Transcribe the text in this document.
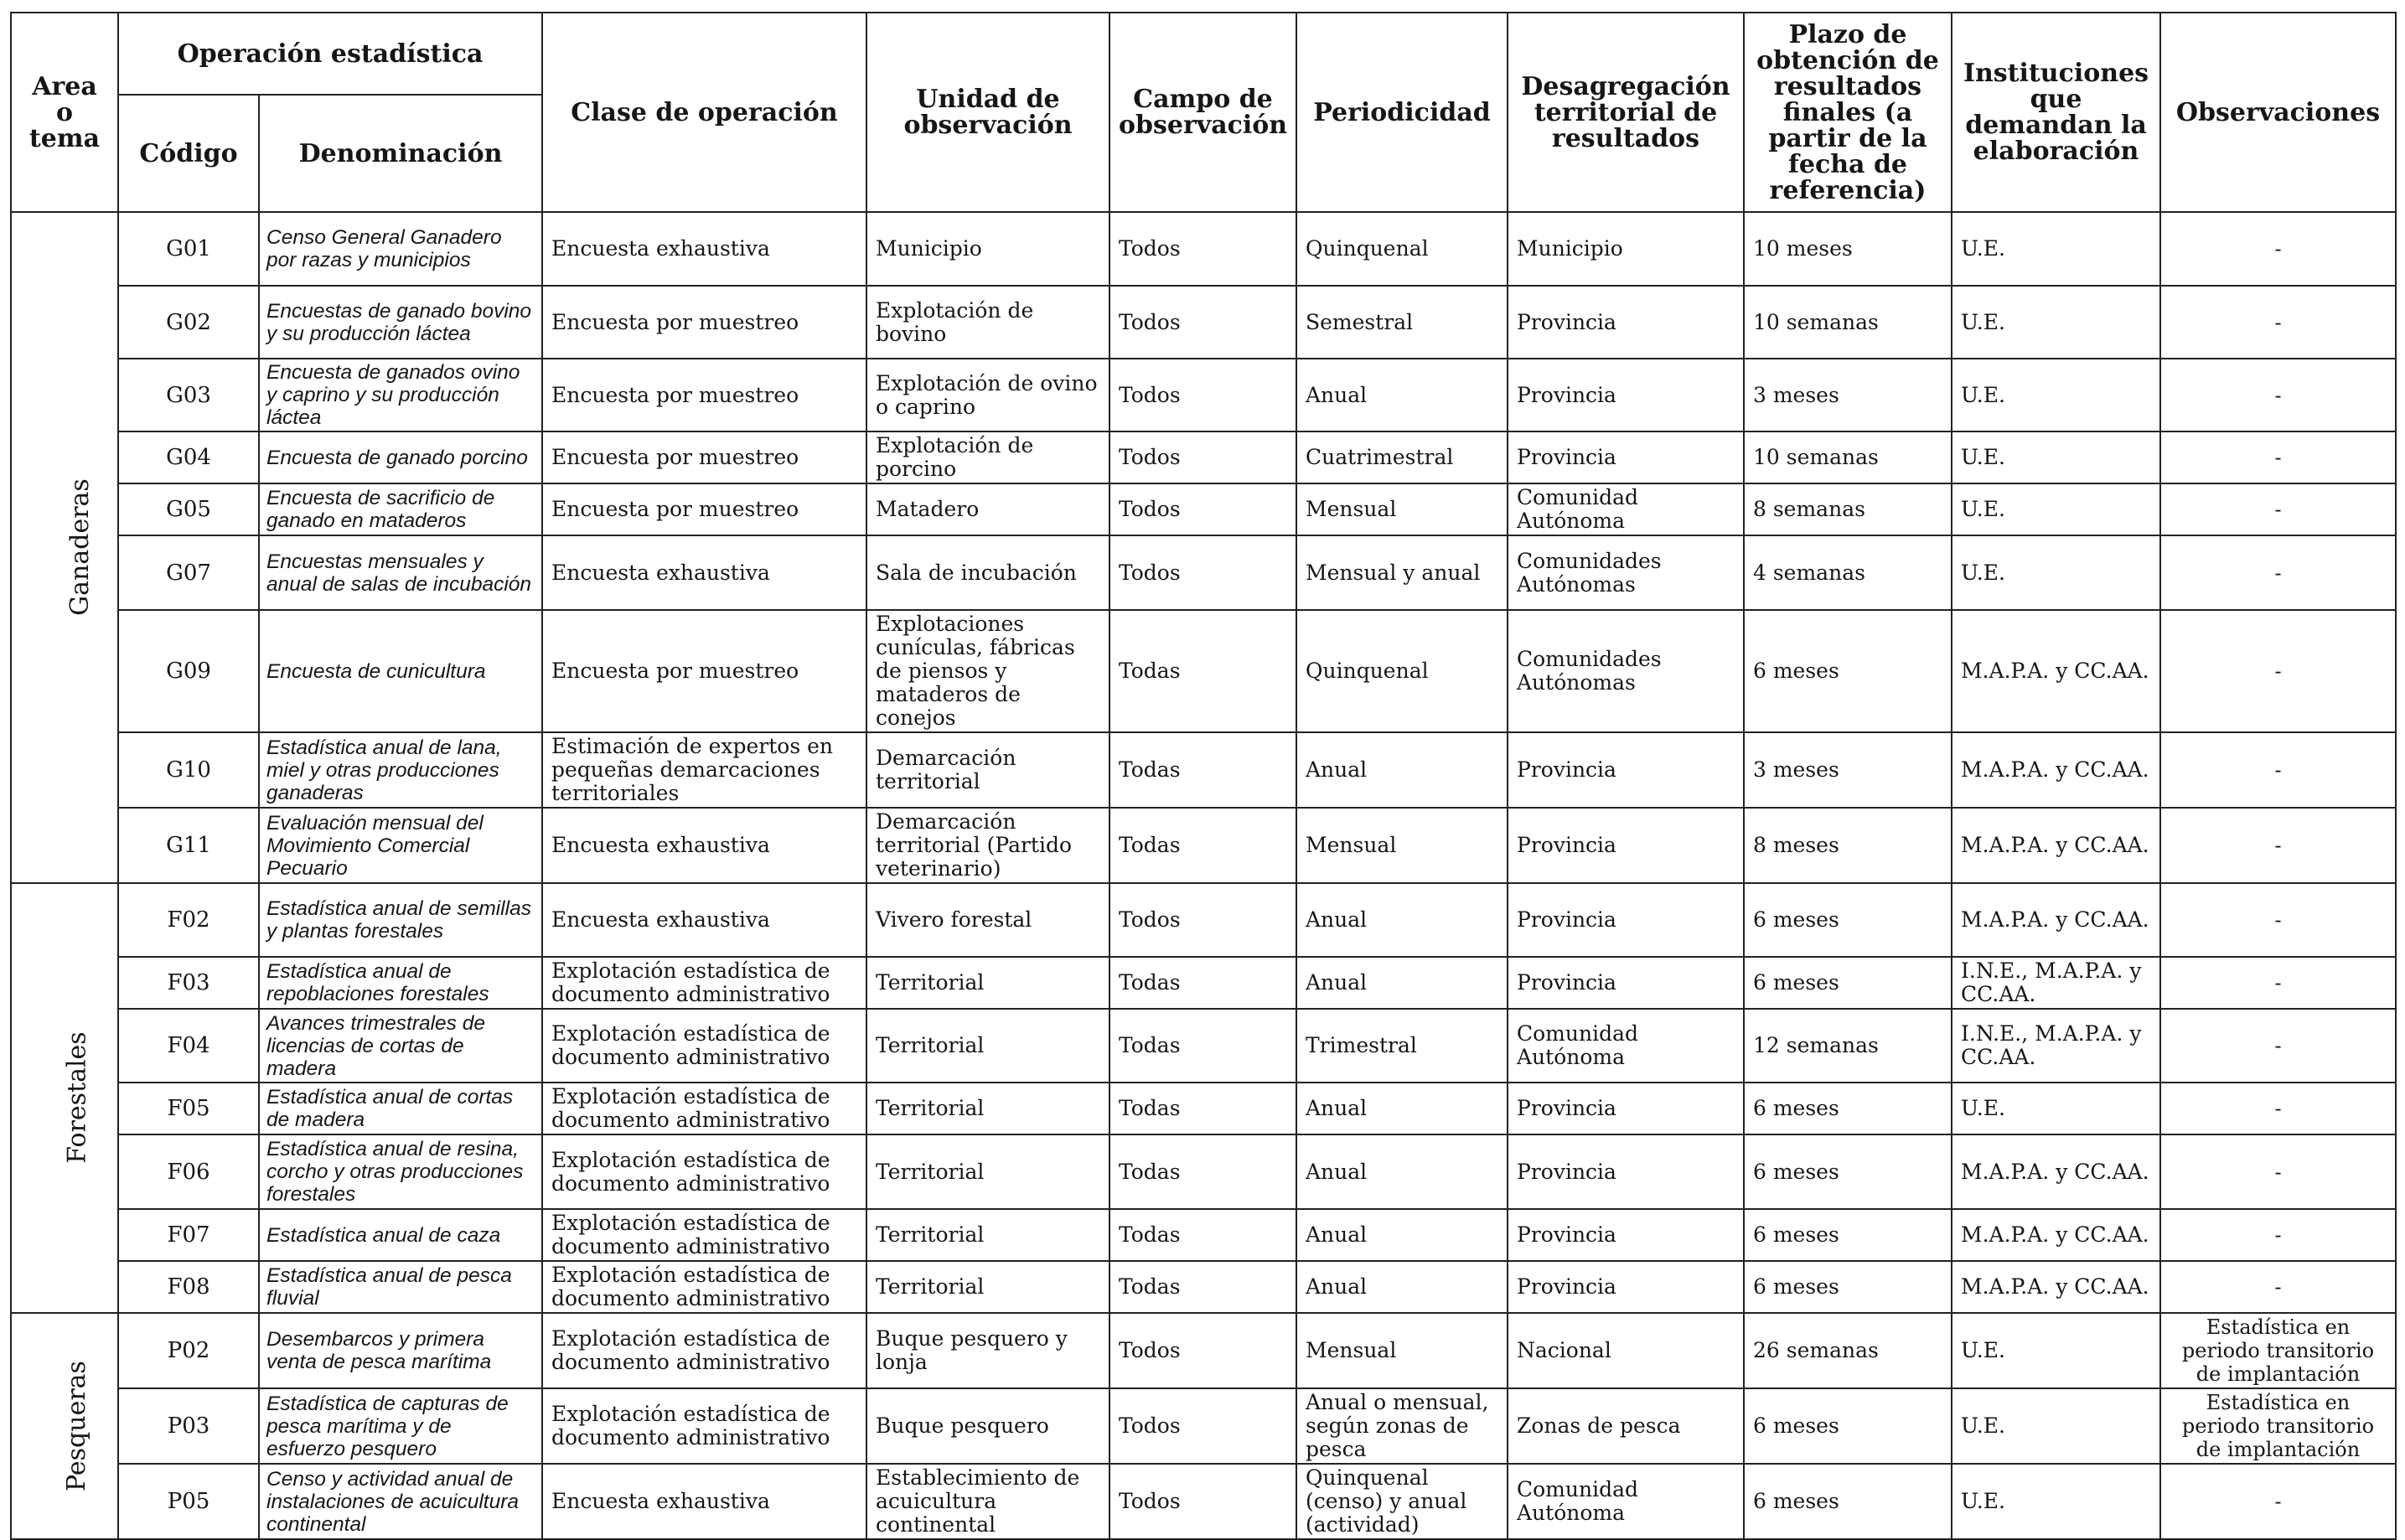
Area o tema	Operación estadística		Clase de operación	Unidad de observación	Campo de observación	Periodicidad	Desagregación territorial de resultados	Plazo de obtención de resultados finales (a partir de la fecha de referencia)	Instituciones que demandan la elaboración	Observaciones
	Código	Denominación								
Ganaderas	G01	Censo General Ganadero por razas y municipios	Encuesta exhaustiva	Municipio	Todos	Quinquenal	Municipio	10 meses	U.E.	-
	G02	Encuestas de ganado bovino y su producción láctea	Encuesta por muestreo	Explotación de bovino	Todos	Semestral	Provincia	10 semanas	U.E.	-
	G03	Encuesta de ganados ovino y caprino y su producción láctea	Encuesta por muestreo	Explotación de ovino o caprino	Todos	Anual	Provincia	3 meses	U.E.	-
	G04	Encuesta de ganado porcino	Encuesta por muestreo	Explotación de porcino	Todos	Cuatrimestral	Provincia	10 semanas	U.E.	-
	G05	Encuesta de sacrificio de ganado en mataderos	Encuesta por muestreo	Matadero	Todos	Mensual	Comunidad Autónoma	8 semanas	U.E.	-
	G07	Encuestas mensuales y anual de salas de incubación	Encuesta exhaustiva	Sala de incubación	Todos	Mensual y anual	Comunidades Autónomas	4 semanas	U.E.	-
	G09	Encuesta de cunicultura	Encuesta por muestreo	Explotaciones cunículas, fábricas de piensos y mataderos de conejos	Todas	Quinquenal	Comunidades Autónomas	6 meses	M.A.P.A. y CC.AA.	-
	G10	Estadística anual de lana, miel y otras producciones ganaderas	Estimación de expertos en pequeñas demarcaciones territoriales	Demarcación territorial	Todas	Anual	Provincia	3 meses	M.A.P.A. y CC.AA.	-
	G11	Evaluación mensual del Movimiento Comercial Pecuario	Encuesta exhaustiva	Demarcación territorial (Partido veterinario)	Todas	Mensual	Provincia	8 meses	M.A.P.A. y CC.AA.	-
Forestales	F02	Estadística anual de semillas y plantas forestales	Encuesta exhaustiva	Vivero forestal	Todos	Anual	Provincia	6 meses	M.A.P.A. y CC.AA.	-
	F03	Estadística anual de repoblaciones forestales	Explotación estadística de documento administrativo	Territorial	Todas	Anual	Provincia	6 meses	I.N.E., M.A.P.A. y CC.AA.	-
	F04	Avances trimestrales de licencias de cortas de madera	Explotación estadística de documento administrativo	Territorial	Todas	Trimestral	Comunidad Autónoma	12 semanas	I.N.E., M.A.P.A. y CC.AA.	-
	F05	Estadística anual de cortas de madera	Explotación estadística de documento administrativo	Territorial	Todas	Anual	Provincia	6 meses	U.E.	-
	F06	Estadística anual de resina, corcho y otras producciones forestales	Explotación estadística de documento administrativo	Territorial	Todas	Anual	Provincia	6 meses	M.A.P.A. y CC.AA.	-
	F07	Estadística anual de caza	Explotación estadística de documento administrativo	Territorial	Todas	Anual	Provincia	6 meses	M.A.P.A. y CC.AA.	-
	F08	Estadística anual de pesca fluvial	Explotación estadística de documento administrativo	Territorial	Todas	Anual	Provincia	6 meses	M.A.P.A. y CC.AA.	-
Pesqueras	P02	Desembarcos y primera venta de pesca marítima	Explotación estadística de documento administrativo	Buque pesquero y lonja	Todos	Mensual	Nacional	26 semanas	U.E.	Estadística en periodo transitorio de implantación
	P03	Estadística de capturas de pesca marítima y de esfuerzo pesquero	Explotación estadística de documento administrativo	Buque pesquero	Todos	Anual o mensual, según zonas de pesca	Zonas de pesca	6 meses	U.E.	Estadística en periodo transitorio de implantación
	P05	Censo y actividad anual de instalaciones de acuicultura continental	Encuesta exhaustiva	Establecimiento de acuicultura continental	Todos	Quinquenal (censo) y anual (actividad)	Comunidad Autónoma	6 meses	U.E.	-
